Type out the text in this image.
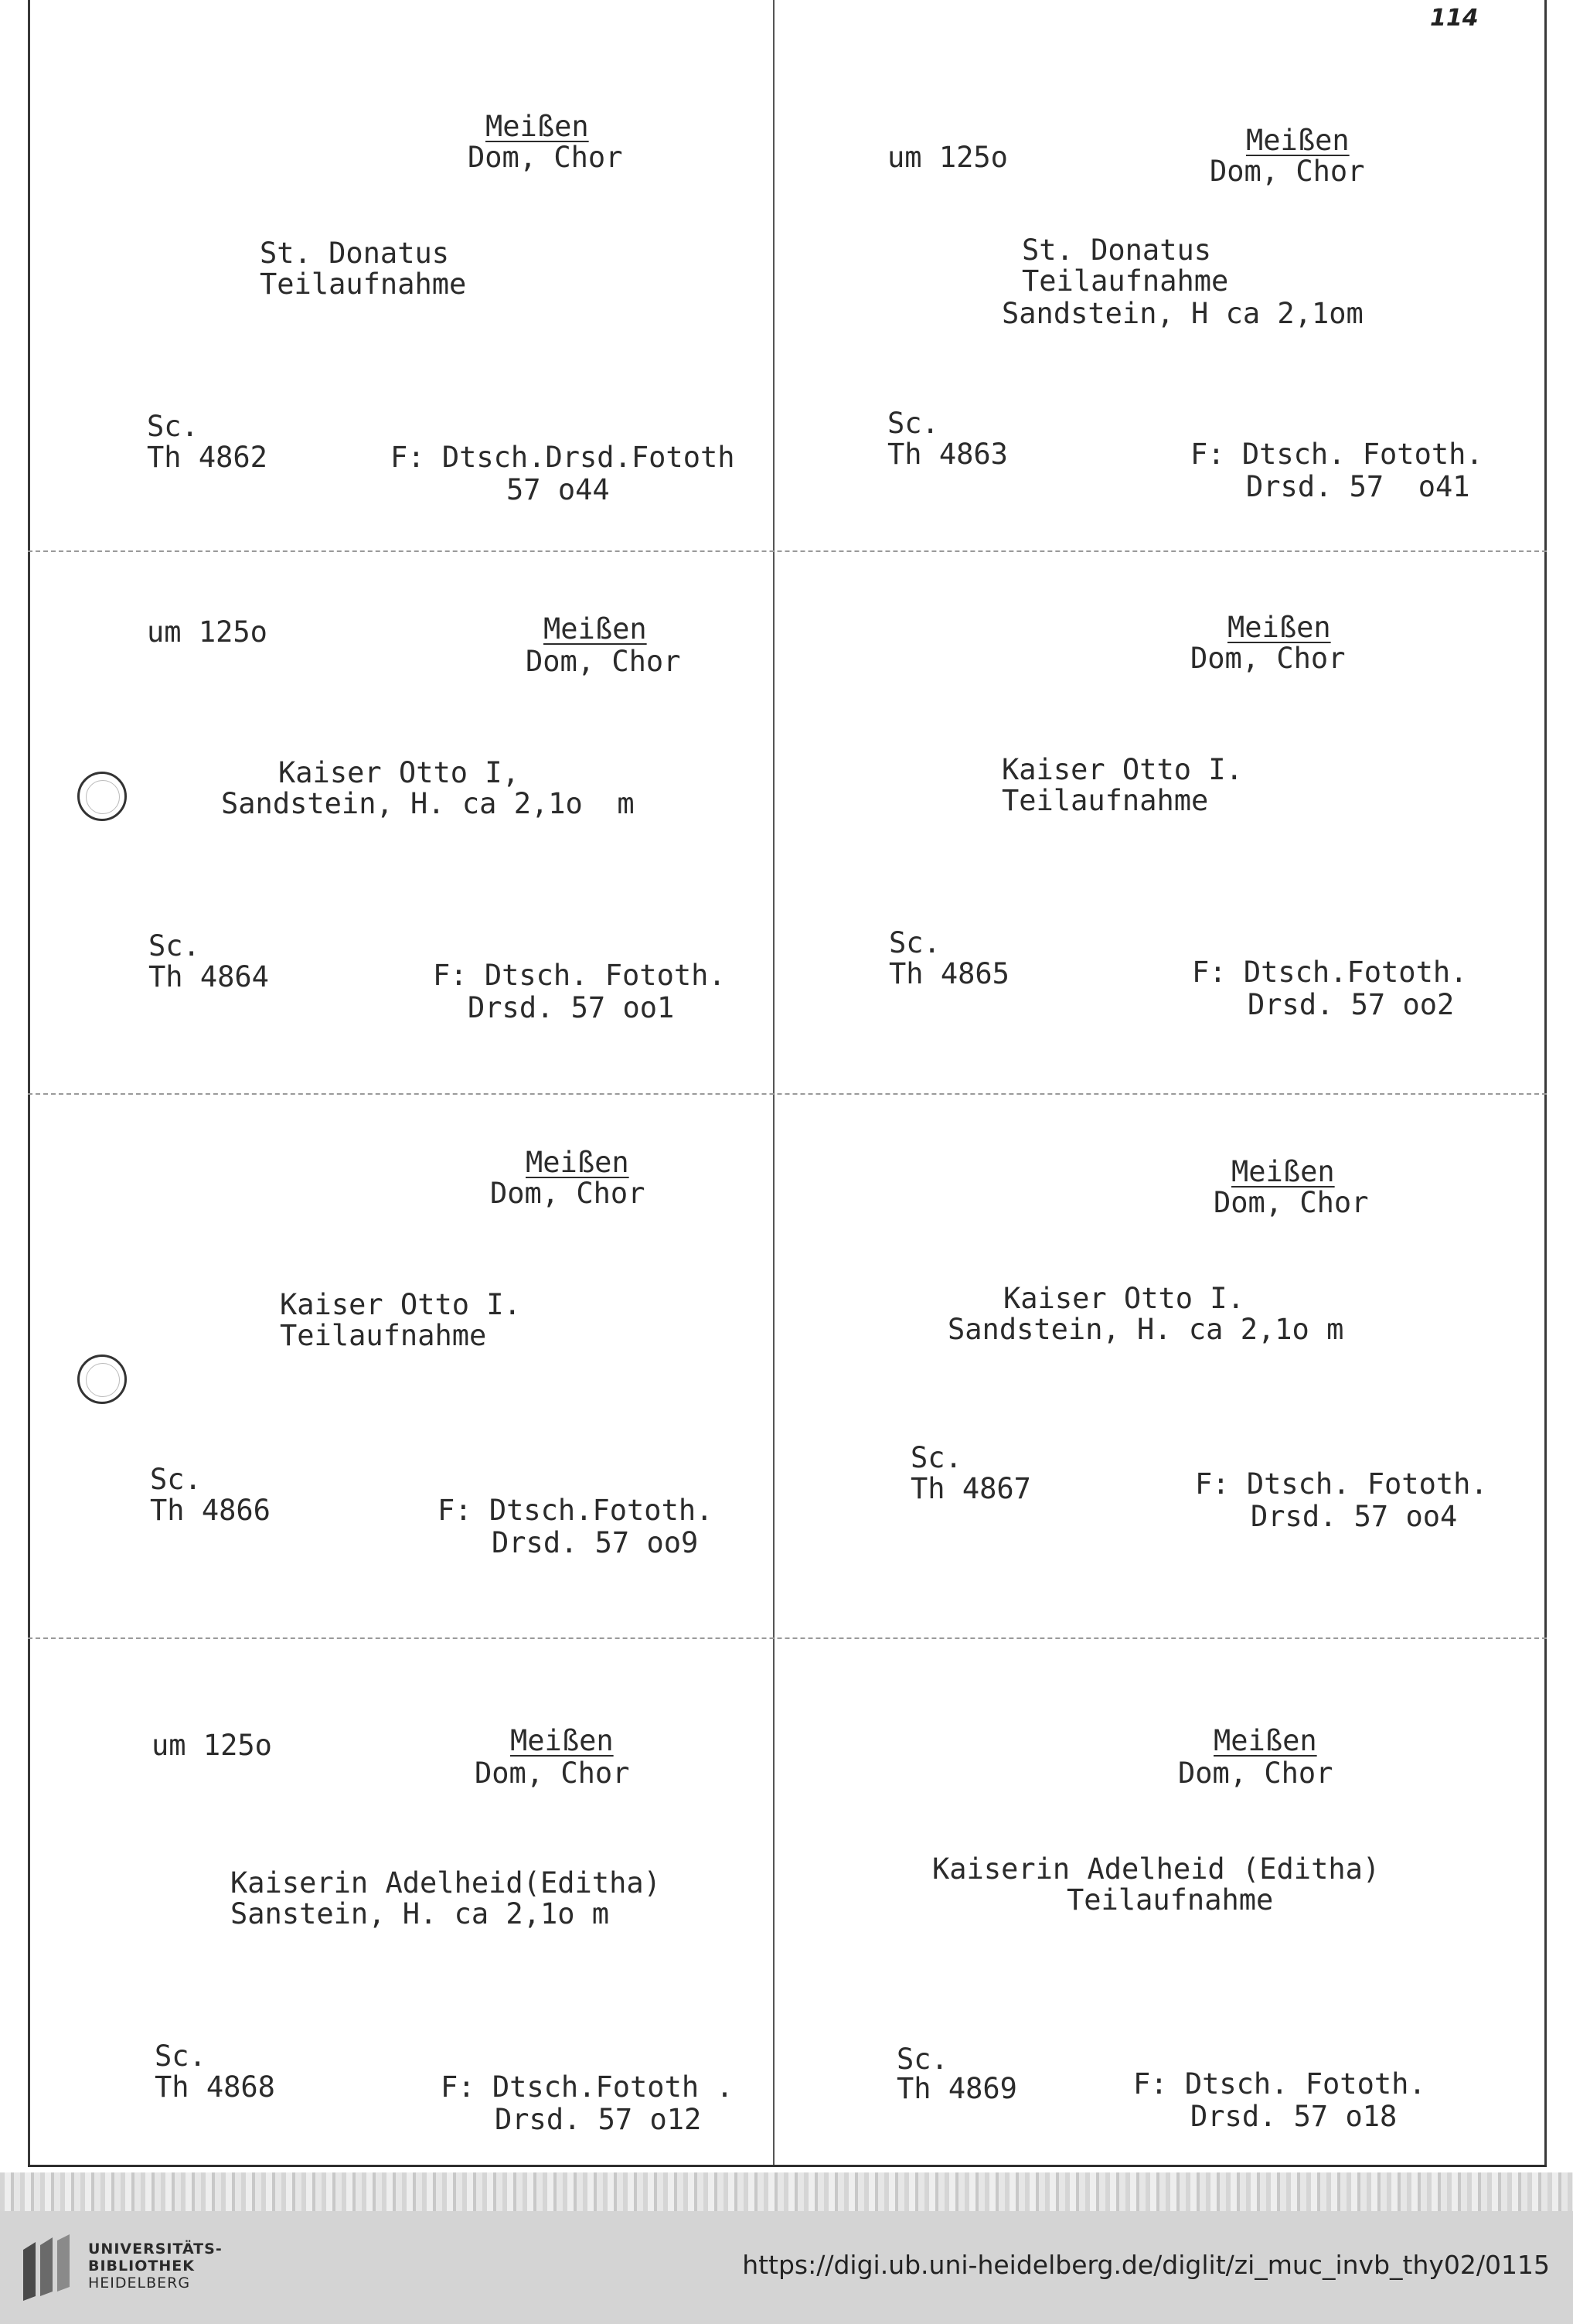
114

Meißen

Dom, Chor

St. Donatus

Teilaufnahme

Sc.

Th 4862

	F: Dtsch.Drsd.Fototh

57 o44

um 125o

Meißen

Dom, Chor

St. Donatus

Teilaufnahme

Sandstein, H ca 2,1om

Sc.

Th 4863

	F: Dtsch. Fototh.

Drsd. 57  o41

um 125o

	Meißen

Dom, Chor

Kaiser Otto I,

Sandstein, H. ca 2,1o  m

Sc.

Th 4864

	F: Dtsch. Fototh.

Drsd. 57 oo1

Meißen

Dom, Chor

Kaiser Otto I.

Teilaufnahme

Sc.

Th 4865

	F: Dtsch.Fototh.

Drsd. 57 oo2

Meißen

Dom, Chor

Kaiser Otto I.

Teilaufnahme

Sc.

Th 4866

	F: Dtsch.Fototh.

Drsd. 57 oo9

Meißen

Dom, Chor

Kaiser Otto I.

Sandstein, H. ca 2,1o m

Sc.

Th 4867

	F: Dtsch. Fototh.

Drsd. 57 oo4

um 125o

	Meißen

Dom, Chor

Kaiserin Adelheid(Editha)

Sanstein, H. ca 2,1o m

Sc.

Th 4868

	F: Dtsch.Fototh .

Drsd. 57 o12

Meißen

Dom, Chor

Kaiserin Adelheid (Editha)

Teilaufnahme

Sc.

Th 4869

	F: Dtsch. Fototh.

Drsd. 57 o18

UNIVERSITÄTS-
BIBLIOTHEK
HEIDELBERG
https://digi.ub.uni-heidelberg.de/diglit/zi_muc_invb_thy02/0115
